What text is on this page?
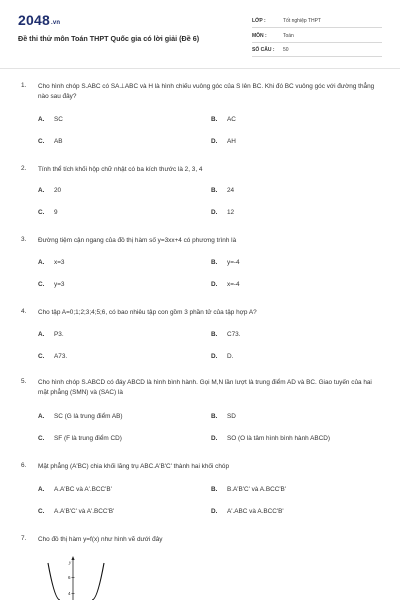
2048.vn
Đề thi thử môn Toán THPT Quốc gia có lời giải (Đề 6)
LỚP :	Tốt nghiệp THPT
MÔN :	Toán
SỐ CÂU : 50
1. Cho hình chóp S.ABC có SA⊥ABC và H là hình chiếu vuông góc của S lên BC. Khi đó BC vuông góc với đường thẳng nào sau đây?
A. SC	B. AC
C. AB	D. AH
2. Tính thể tích khối hộp chữ nhật có ba kích thước là 2, 3, 4
A. 20	B. 24
C. 9	D. 12
3. Đường tiệm cận ngang của đồ thị hàm số y=3xx+4 có phương trình là
A. x=3	B. y=-4
C. y=3	D. x=-4
4. Cho tập A=0;1;2;3;4;5;6, có bao nhiêu tập con gồm 3 phần tử của tập hợp A?
A. P3.	B. C73.
C. A73.	D. D.
5. Cho hình chóp S.ABCD có đáy ABCD là hình bình hành. Gọi M,N lần lượt là trung điểm AD và BC. Giao tuyến của hai mặt phẳng (SMN) và (SAC) là
A. SC (G là trung điểm AB)	B. SD
C. SF (F là trung điểm CD)	D. SO (O là tâm hình bình hành ABCD)
6. Mặt phẳng (A'BC) chia khối lăng trụ ABC.A'B'C' thành hai khối chóp
A. A.A'BC và A'.BCC'B'	B. B.A'B'C' và A.BCC'B'
C. A.A'B'C' và A'.BCC'B'	D. A'.ABC và A.BCC'B'
7. Cho đồ thị hàm y=f(x) như hình vẽ dưới đây
y
6
4
